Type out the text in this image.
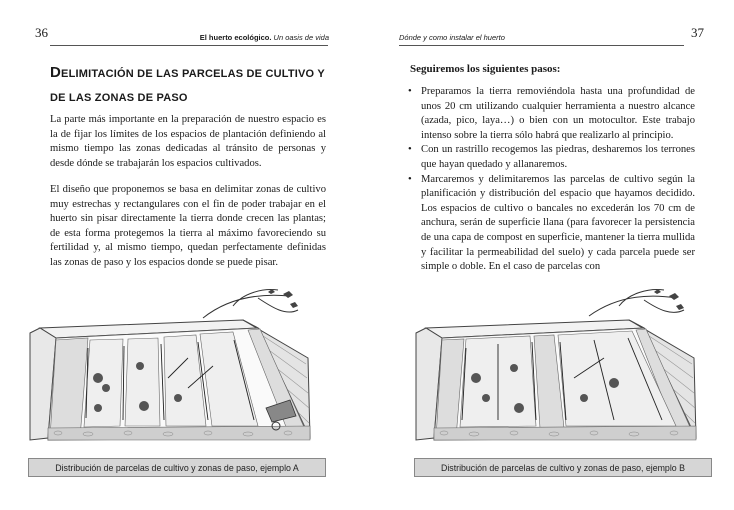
36	El huerto ecológico. Un oasis de vida
DELIMITACIÓN DE LAS PARCELAS DE CULTIVO Y DE LAS ZONAS DE PASO

La parte más importante en la preparación de nuestro espacio es la de fijar los límites de los espacios de plantación definiendo al mismo tiempo las zonas dedicadas al tránsito de personas y desde dónde se trabajarán los espacios cultivados.

El diseño que proponemos se basa en delimitar zonas de cultivo muy estrechas y rectangulares con el fin de poder trabajar en el huerto sin pisar directamente la tierra donde crecen las plantas; de esta forma protegemos la tierra al máximo favoreciendo su fertilidad y, al mismo tiempo, quedan perfectamente definidas las zonas de paso y los espacios donde se puede pisar.

Distribución de parcelas de cultivo y zonas de paso, ejemplo A
37
Dónde y como instalar el huerto

Seguiremos los siguientes pasos:

• Preparamos la tierra removiéndola hasta una profundidad de unos 20 cm utilizando cualquier herramienta a nuestro alcance (azada, pico, laya…) o bien con un motocultor. Este trabajo intenso sobre la tierra sólo habrá que realizarlo al principio.
• Con un rastrillo recogemos las piedras, desharemos los terrones que hayan quedado y allanaremos.
• Marcaremos y delimitaremos las parcelas de cultivo según la planificación y distribución del espacio que hayamos decidido. Los espacios de cultivo o bancales no excederán los 70 cm de anchura, serán de superficie llana (para favorecer la persistencia de una capa de compost en superficie, mantener la tierra mullida y facilitar la permeabilidad del suelo) y cada parcela puede ser simple o doble. En el caso de parcelas con
Distribución de parcelas de cultivo y zonas de paso, ejemplo B
